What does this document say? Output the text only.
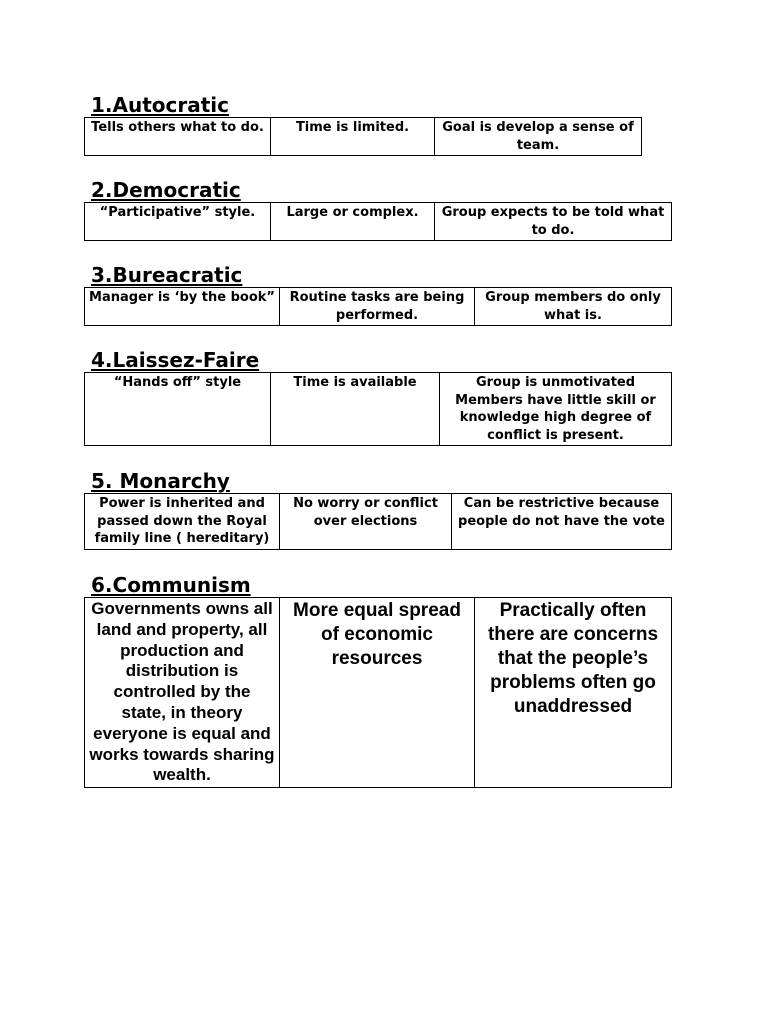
1.Autocratic
Tells others what to do.	Time is limited.	Goal is develop a sense of team.
2.Democratic
“Participative” style.	Large or complex.	Group expects to be told what to do.
3.Bureacratic
Manager is ‘by the book”	Routine tasks are being performed.	Group members do only what is.
4.Laissez-Faire
“Hands off” style	Time is available	Group is unmotivated Members have little skill or knowledge high degree of conflict is present.
5. Monarchy
Power is inherited and passed down the Royal family line ( hereditary)	No worry or conflict over elections	Can be restrictive because people do not have the vote
6.Communism
Governments owns all land and property, all production and distribution is controlled by the state, in theory everyone is equal and works towards sharing wealth.	More equal spread of economic resources	Practically often there are concerns that the people’s problems often go unaddressed
